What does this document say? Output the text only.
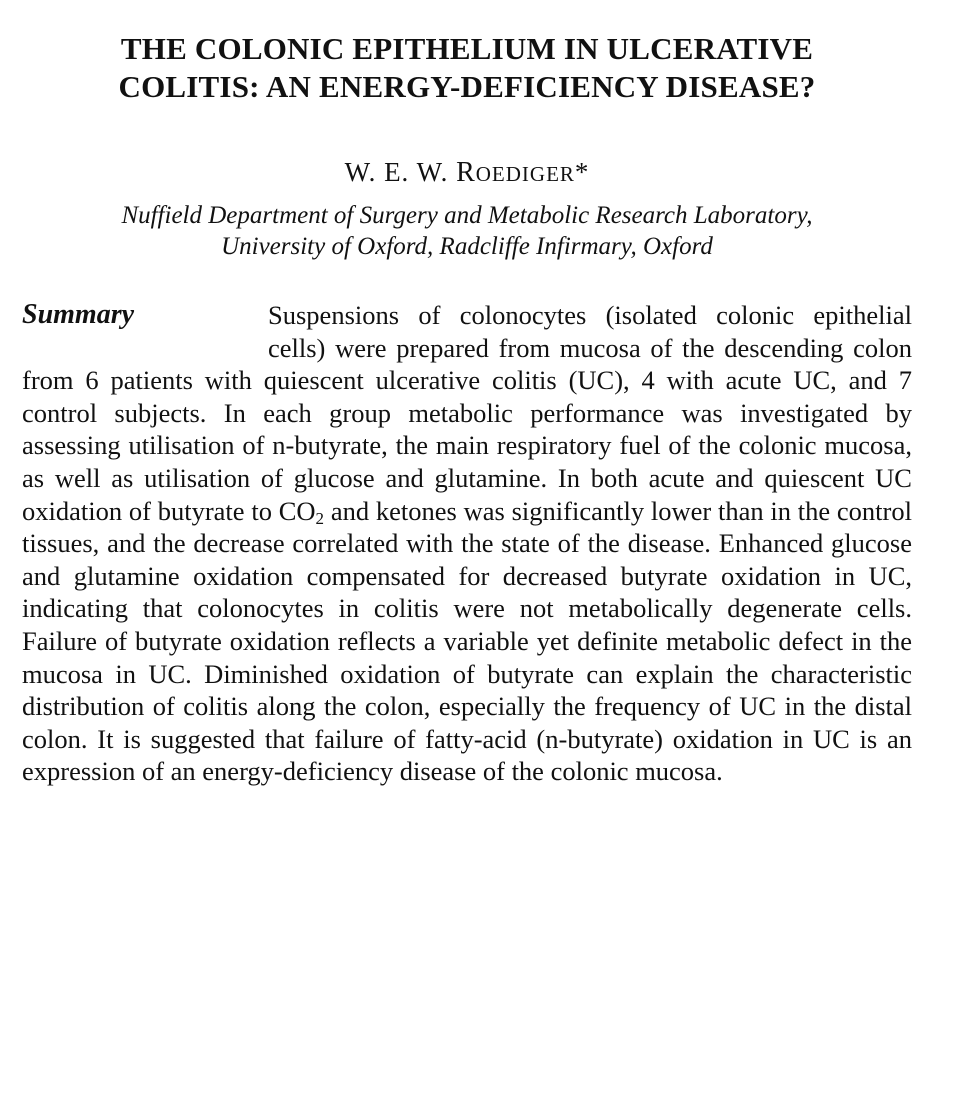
THE COLONIC EPITHELIUM IN ULCERATIVE
COLITIS: AN ENERGY-DEFICIENCY DISEASE?
W. E. W. ROEDIGER*
Nuffield Department of Surgery and Metabolic Research Laboratory,
University of Oxford, Radcliffe Infirmary, Oxford
Summary	Suspensions of colonocytes (isolated colonic epithelial cells) were prepared from mucosa of the descending colon from 6 patients with quiescent ulcerative colitis (UC), 4 with acute UC, and 7 control subjects. In each group metabolic performance was investigated by assessing utilisation of n-butyrate, the main respiratory fuel of the colonic mucosa, as well as utilisation of glucose and glutamine. In both acute and quiescent UC oxidation of butyrate to $CO_2$ and ketones was significantly lower than in the control tissues, and the decrease correlated with the state of the disease. Enhanced glucose and glutamine oxidation compensated for decreased butyrate oxidation in UC, indicating that colonocytes in colitis were not metabolically degenerate cells. Failure of butyrate oxidation reflects a variable yet definite metabolic defect in the mucosa in UC. Diminished oxidation of butyrate can explain the characteristic distribution of colitis along the colon, especially the frequency of UC in the distal colon. It is suggested that failure of fatty-acid (n-butyrate) oxidation in UC is an expression of an energy-deficiency disease of the colonic mucosa.
